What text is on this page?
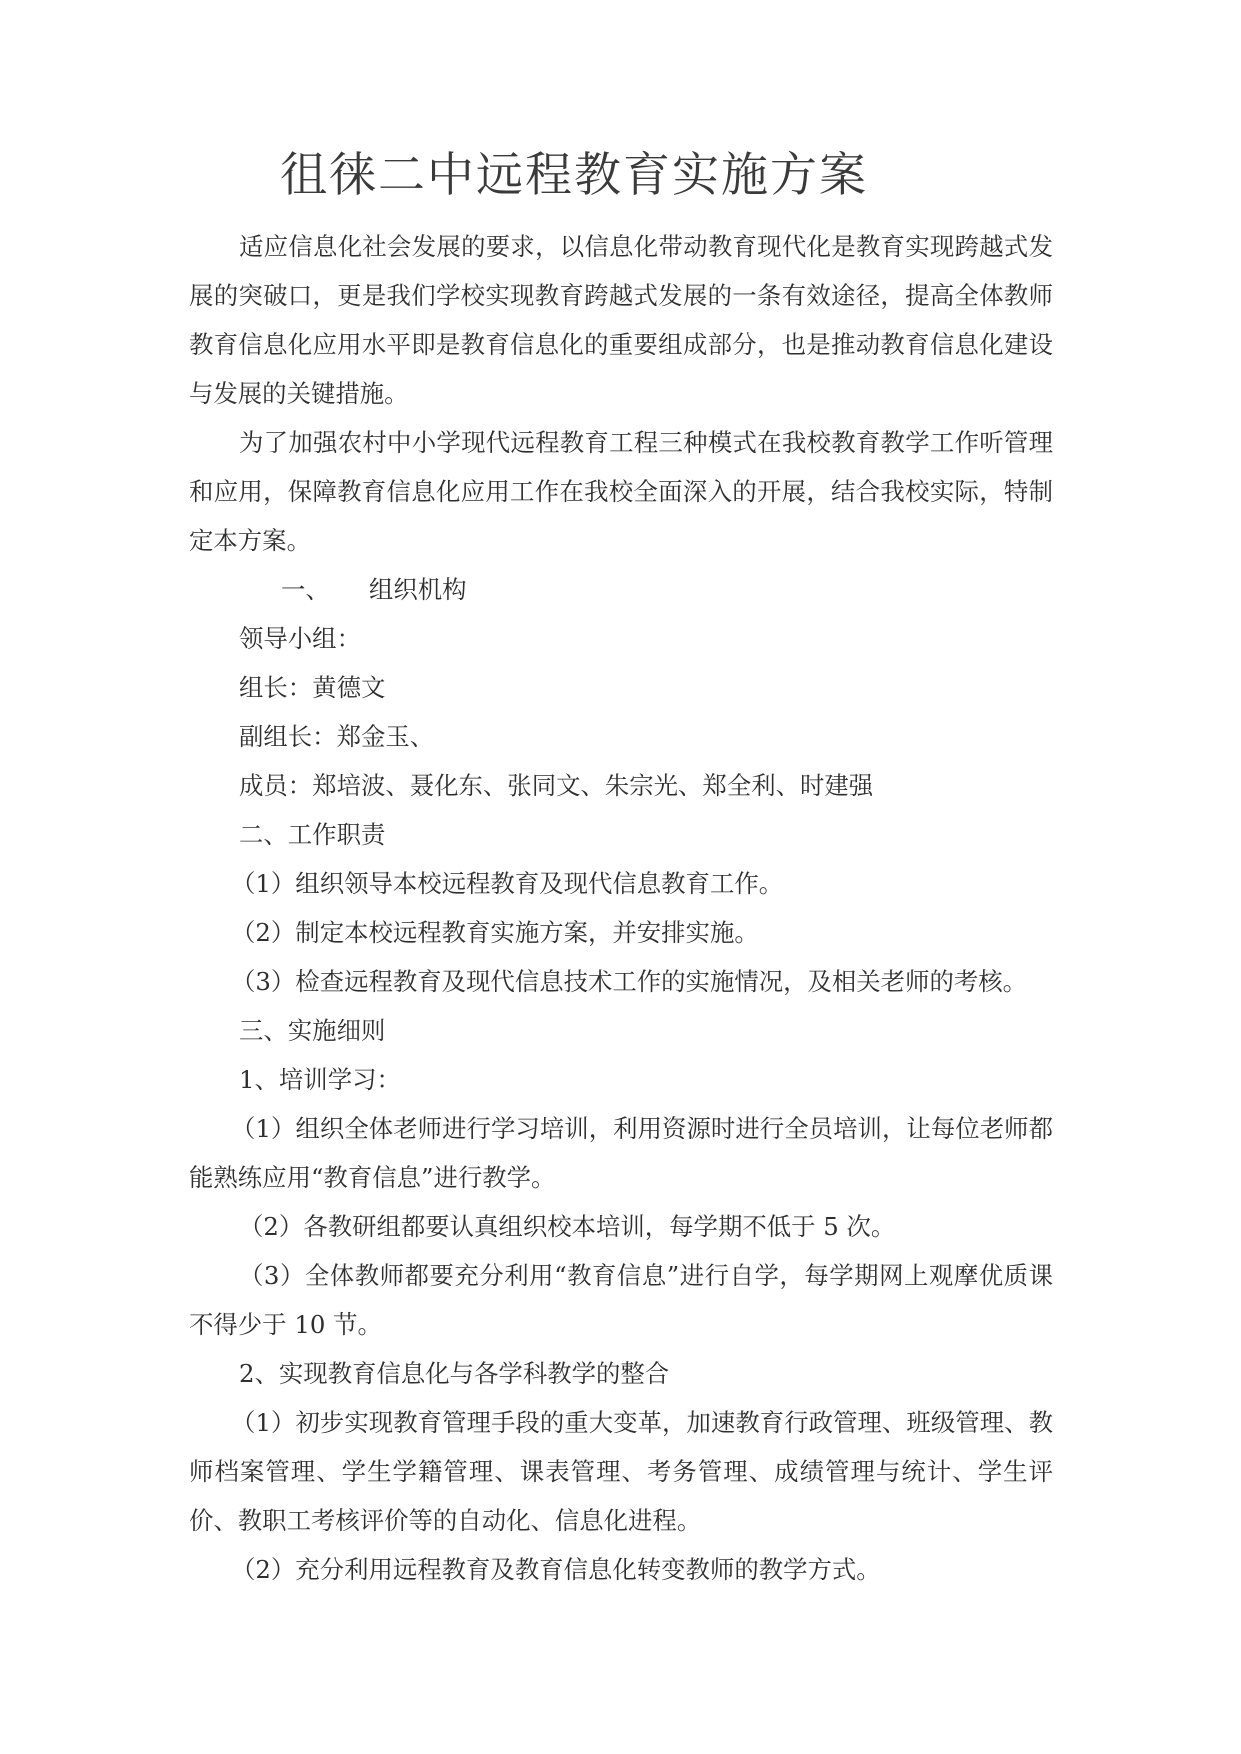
徂徕二中远程教育实施方案

适应信息化社会发展的要求，以信息化带动教育现代化是教育实现跨越式发展的突破口，更是我们学校实现教育跨越式发展的一条有效途径，提高全体教师教育信息化应用水平即是教育信息化的重要组成部分，也是推动教育信息化建设与发展的关键措施。

为了加强农村中小学现代远程教育工程三种模式在我校教育教学工作听管理和应用，保障教育信息化应用工作在我校全面深入的开展，结合我校实际，特制定本方案。

一、 组织机构

领导小组：

组长：黄德文

副组长：郑金玉、

成员：郑培波、聂化东、张同文、朱宗光、郑全利、时建强

二、工作职责

（1）组织领导本校远程教育及现代信息教育工作。

（2）制定本校远程教育实施方案，并安排实施。

（3）检查远程教育及现代信息技术工作的实施情况，及相关老师的考核。

三、实施细则

1、培训学习：

（1）组织全体老师进行学习培训，利用资源时进行全员培训，让每位老师都能熟练应用“教育信息”进行教学。

（2）各教研组都要认真组织校本培训，每学期不低于 5 次。

（3）全体教师都要充分利用“教育信息”进行自学，每学期网上观摩优质课不得少于 10 节。

2、实现教育信息化与各学科教学的整合

（1）初步实现教育管理手段的重大变革，加速教育行政管理、班级管理、教师档案管理、学生学籍管理、课表管理、考务管理、成绩管理与统计、学生评价、教职工考核评价等的自动化、信息化进程。

（2）充分利用远程教育及教育信息化转变教师的教学方式。
